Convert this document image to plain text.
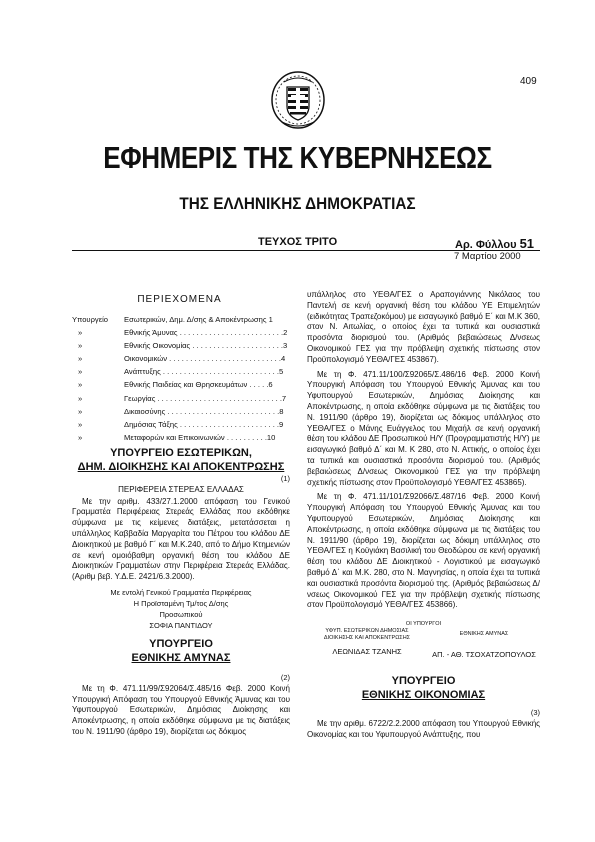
409
ΕΦΗΜΕΡΙΣ ΤΗΣ ΚΥΒΕΡΝΗΣΕΩΣ
ΤΗΣ ΕΛΛΗΝΙΚΗΣ ΔΗΜΟΚΡΑΤΙΑΣ
ΤΕΥΧΟΣ ΤΡΙΤΟ	Αρ. Φύλλου 51
7 Μαρτίου 2000
ΠΕΡΙΕΧΟΜΕΝΑ
Υπουργείο	Εσωτερικών, Δημ. Δ/σης & Αποκέντρωσης 1
»	Εθνικής Άμυνας . . . . . . . . . . . . . . . . . . . . . . . . .2
»	Εθνικής Οικονομίας . . . . . . . . . . . . . . . . . . . . . .3
»	Οικονομικών . . . . . . . . . . . . . . . . . . . . . . . . . . .4
»	Ανάπτυξης . . . . . . . . . . . . . . . . . . . . . . . . . . . .5
»	Εθνικής Παιδείας και Θρησκευμάτων . . . . .6
»	Γεωργίας . . . . . . . . . . . . . . . . . . . . . . . . . . . . . .7
»	Δικαιοσύνης . . . . . . . . . . . . . . . . . . . . . . . . . . .8
»	Δημόσιας Τάξης . . . . . . . . . . . . . . . . . . . . . . . .9
»	Μεταφορών και Επικοινωνιών . . . . . . . . . .10
ΥΠΟΥΡΓΕΙΟ ΕΣΩΤΕΡΙΚΩΝ,
ΔΗΜ. ΔΙΟΙΚΗΣΗΣ ΚΑΙ ΑΠΟΚΕΝΤΡΩΣΗΣ
(1)

ΠΕΡΙΦΕΡΕΙΑ ΣΤΕΡΕΑΣ ΕΛΛΑΔΑΣ

Με την αριθμ. 433/27.1.2000 απόφαση του Γενικού Γραμματέα Περιφέρειας Στερεάς Ελλάδας που εκδόθηκε σύμφωνα με τις κείμενες διατάξεις, μετατάσσεται η υπάλληλος Καββαδία Μαργαρίτα του Πέτρου του κλάδου ΔΕ Διοικητικού με βαθμό Γ΄ και Μ.Κ.240, από το Δήμο Κτημενιών σε κενή ομοιόβαθμη οργανική θέση του κλάδου ΔΕ Διοικητικών Γραμματέων στην Περιφέρεια Στερεάς Ελλάδας. (Αριθμ βεβ. Υ.Δ.Ε. 2421/6.3.2000).

Με εντολή Γενικού Γραμματέα Περιφέρειας
Η Προϊσταμένη Τμ/τος Δ/σης
Προσωπικού
ΣΟΦΙΑ ΠΑΝΤΙΔΟΥ
ΥΠΟΥΡΓΕΙΟ
ΕΘΝΙΚΗΣ ΑΜΥΝΑΣ
(2)

Με τη Φ. 471.11/99/Σ92064/Σ.485/16 Φεβ. 2000 Κοινή Υπουργική Απόφαση του Υπουργού Εθνικής Άμυνας και του Υφυπουργού Εσωτερικών, Δημόσιας Διοίκησης και Αποκέντρωσης, η οποία εκδόθηκε σύμφωνα με τις διατάξεις του Ν. 1911/90 (άρθρο 19), διορίζεται ως δόκιμος

υπάλληλος στο ΥΕΘΑ/ΓΕΣ ο Αραπογιάννης Νικόλαος του Παντελή σε κενή οργανική θέση του κλάδου ΥΕ Επιμελητών (ειδικότητας Τραπεζοκόμου) με εισαγωγικό βαθμό Ε΄ και Μ.Κ 360, στον Ν. Αιτωλίας, ο οποίος έχει τα τυπικά και ουσιαστικά προσόντα διορισμού του. (Αριθμός βεβαιώσεως Δ/νσεως Οικονομικού ΓΕΣ για την πρόβλεψη σχετικής πίστωσης στον Προϋπολογισμό ΥΕΘΑ/ΓΕΣ 453867).

Με τη Φ. 471.11/100/Σ92065/Σ.486/16 Φεβ. 2000 Κοινή Υπουργική Απόφαση του Υπουργού Εθνικής Άμυνας και του Υφυπουργού Εσωτερικών, Δημόσιας Διοίκησης και Αποκέντρωσης, η οποία εκδόθηκε σύμφωνα με τις διατάξεις του Ν. 1911/90 (άρθρο 19), διορίζεται ως δόκιμος υπάλληλος στο ΥΕΘΑ/ΓΕΣ ο Μάνης Ευάγγελος του Μιχαήλ σε κενή οργανική θέση του κλάδου ΔΕ Προσωπικού Η/Υ (Προγραμματιστής Η/Υ) με εισαγωγικό βαθμό Δ΄ και Μ. Κ 280, στο Ν. Αττικής, ο οποίος έχει τα τυπικά και ουσιαστικά προσόντα διορισμού του. (Αριθμός βεβαιώσεως Δ/νσεως Οικονομικού ΓΕΣ για την πρόβλεψη σχετικής πίστωσης στον Προϋπολογισμό ΥΕΘΑ/ΓΕΣ 453865).

Με τη Φ. 471.11/101/Σ92066/Σ.487/16 Φεβ. 2000 Κοινή Υπουργική Απόφαση του Υπουργού Εθνικής Άμυνας και του Υφυπουργού Εσωτερικών, Δημόσιας Διοίκησης και Αποκέντρωσης, η οποία εκδόθηκε σύμφωνα με τις διατάξεις του Ν. 1911/90 (άρθρο 19), διορίζεται ως δόκιμη υπάλληλος στο ΥΕΘΑ/ΓΕΣ η Κοϋγιάκη Βασιλική του Θεοδώρου σε κενή οργανική θέση του κλάδου ΔΕ Διοικητικού - Λογιστικού με εισαγωγικό βαθμό Δ΄ και Μ.Κ. 280, στο Ν. Μαγνησίας, η οποία έχει τα τυπικά και ουσιαστικά προσόντα διορισμού της. (Αριθμός βεβαιώσεως Δ/νσεως Οικονομικού ΓΕΣ για την πρόβλεψη σχετικής πίστωσης στον Προϋπολογισμό ΥΕΘΑ/ΓΕΣ 453866).

ΟΙ ΥΠΟΥΡΓΟΙ
ΥΦΥΠ. ΕΣΩΤΕΡΙΚΩΝ ΔΗΜΟΣΙΑΣ
ΔΙΟΙΚΗΣΗΣ ΚΑΙ ΑΠΟΚΕΝΤΡΩΣΗΣ
ΛΕΩΝΙΔΑΣ ΤΖΑΝΗΣ
ΕΘΝΙΚΗΣ ΑΜΥΝΑΣ
ΑΠ. - ΑΘ. ΤΣΟΧΑΤΖΟΠΟΥΛΟΣ
ΥΠΟΥΡΓΕΙΟ
ΕΘΝΙΚΗΣ ΟΙΚΟΝΟΜΙΑΣ
(3)

Με την αριθμ. 6722/2.2.2000 απόφαση του Υπουργού Εθνικής Οικονομίας και του Υφυπουργού Ανάπτυξης, που
